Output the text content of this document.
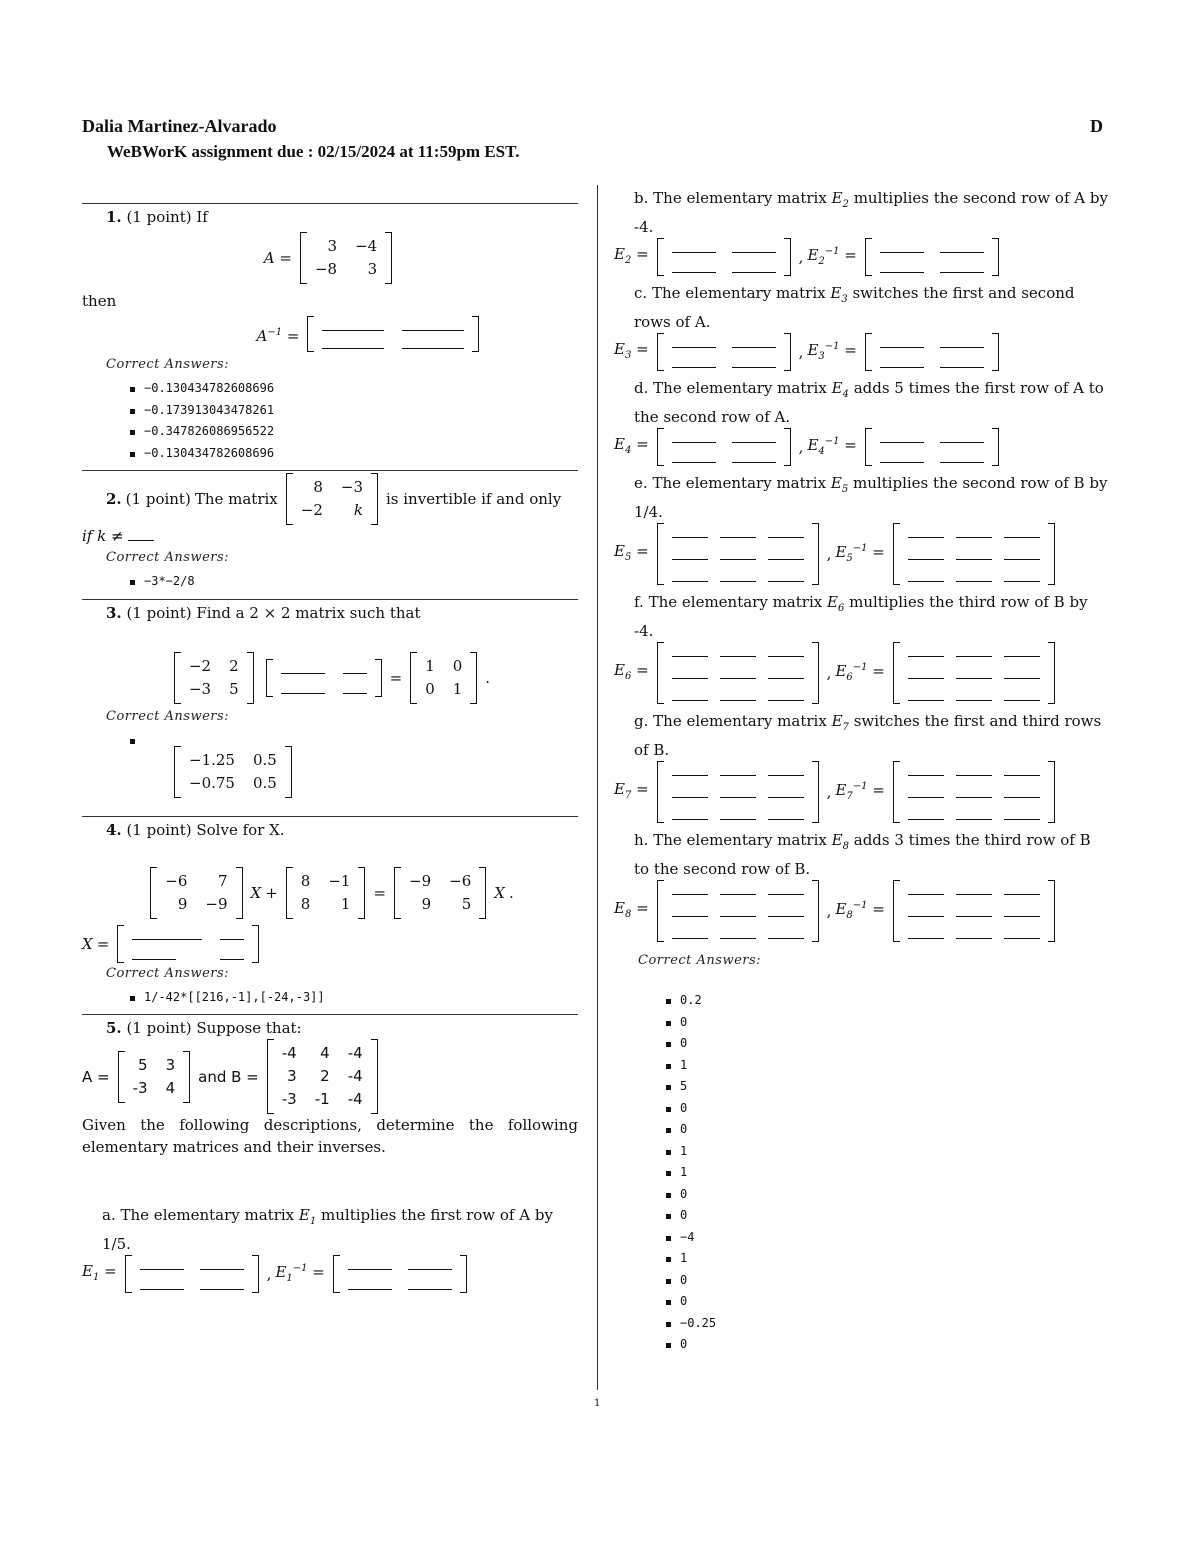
Dalia Martinez-Alvarado	D
WeBWorK assignment due : 02/15/2024 at 11:59pm EST.
1. (1 point) If
A =
3 −4
−8	3
then
$A^{-1}$ =
Correct Answers:
−0.130434782608696
−0.173913043478261
−0.347826086956522
−0.130434782608696
2. (1 point) The matrix
8 −3
−2	k
is invertible if and only
if k ≠
Correct Answers:
−3*−2/8
3. (1 point) Find a 2 × 2 matrix such that
−2 2
−3 5
=
1 0
0 1
.
Correct Answers:
−1.25 0.5
−0.75 0.5
4. (1 point) Solve for X.
−6	7
9 −9
X +
8 −1
8	1
=
−9 −6
9	5
X .
X =
Correct Answers:
1/-42*[[216,-1],[-24,-3]]
5. (1 point) Suppose that:
A =
5 3
-3 4
and B =
-4	4 -4
3	2 -4
-3 -1 -4
Given the following descriptions, determine the following elementary matrices and their inverses.
a. The elementary matrix $E_1$ multiplies the first row of A by 1/5.
$E_1$ =	, $E_1^{-1}$ =
b. The elementary matrix $E_2$ multiplies the second row of A by -4.
$E_2$ =	, $E_2^{-1}$ =
c. The elementary matrix $E_3$ switches the first and second rows of A.
$E_3$ =	, $E_3^{-1}$ =
d. The elementary matrix $E_4$ adds 5 times the first row of A to the second row of A.
$E_4$ =	, $E_4^{-1}$ =
e. The elementary matrix $E_5$ multiplies the second row of B by 1/4.
$E_5$ =	, $E_5^{-1}$ =
f. The elementary matrix $E_6$ multiplies the third row of B by -4.
$E_6$ =	, $E_6^{-1}$ =
g. The elementary matrix $E_7$ switches the first and third rows of B.
$E_7$ =	, $E_7^{-1}$ =
h. The elementary matrix $E_8$ adds 3 times the third row of B to the second row of B.
$E_8$ =	, $E_8^{-1}$ =
Correct Answers:
0.2
0
0
1
5
0
0
1
1
0
0
−4
1
0
0
−0.25
0
1
